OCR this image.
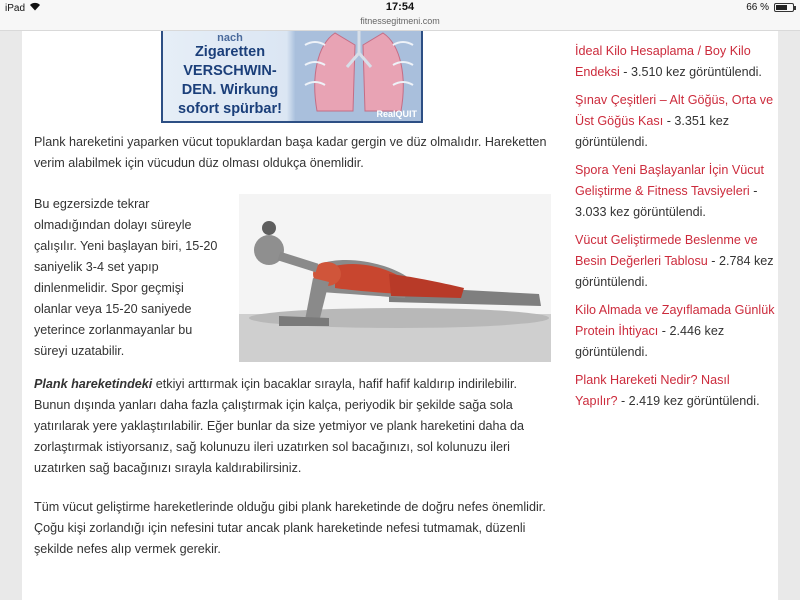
iPad	17:54
fitnessegitmeni.com
66 %
nach
Zigaretten
VERSCHWIN-
DEN. Wirkung
sofort spürbar!	RealQUIT

Plank hareketini yaparken vücut topuklardan başa kadar gergin ve düz olmalıdır. Hareketten verim alabilmek için vücudun düz olması oldukça önemlidir.

Bu egzersizde tekrar olmadığından dolayı süreyle çalışılır. Yeni başlayan biri, 15-20 saniyelik 3-4 set yapıp dinlenmelidir. Spor geçmişi olanlar veya 15-20 saniyede yeterince zorlanmayanlar bu süreyi uzatabilir.

Plank hareketindeki etkiyi arttırmak için bacaklar sırayla, hafif hafif kaldırıp indirilebilir. Bunun dışında yanları daha fazla çalıştırmak için kalça, periyodik bir şekilde sağa sola yatırılarak yere yaklaştırılabilir. Eğer bunlar da size yetmiyor ve plank hareketini daha da zorlaştırmak istiyorsanız, sağ kolunuzu ileri uzatırken sol bacağınızı, sol kolunuzu ileri uzatırken sağ bacağınızı sırayla kaldırabilirsiniz.

Tüm vücut geliştirme hareketlerinde olduğu gibi plank hareketinde de doğru nefes önemlidir. Çoğu kişi zorlandığı için nefesini tutar ancak plank hareketinde nefesi tutmamak, düzenli şekilde nefes alıp vermek gerekir.

İdeal Kilo Hesaplama / Boy Kilo Endeksi - 3.510 kez görüntülendi.
Şınav Çeşitleri – Alt Göğüs, Orta ve Üst Göğüs Kası - 3.351 kez görüntülendi.
Spora Yeni Başlayanlar İçin Vücut Geliştirme & Fitness Tavsiyeleri - 3.033 kez görüntülendi.
Vücut Geliştirmede Beslenme ve Besin Değerleri Tablosu - 2.784 kez görüntülendi.
Kilo Almada ve Zayıflamada Günlük Protein İhtiyacı - 2.446 kez görüntülendi.
Plank Hareketi Nedir? Nasıl Yapılır? - 2.419 kez görüntülendi.
